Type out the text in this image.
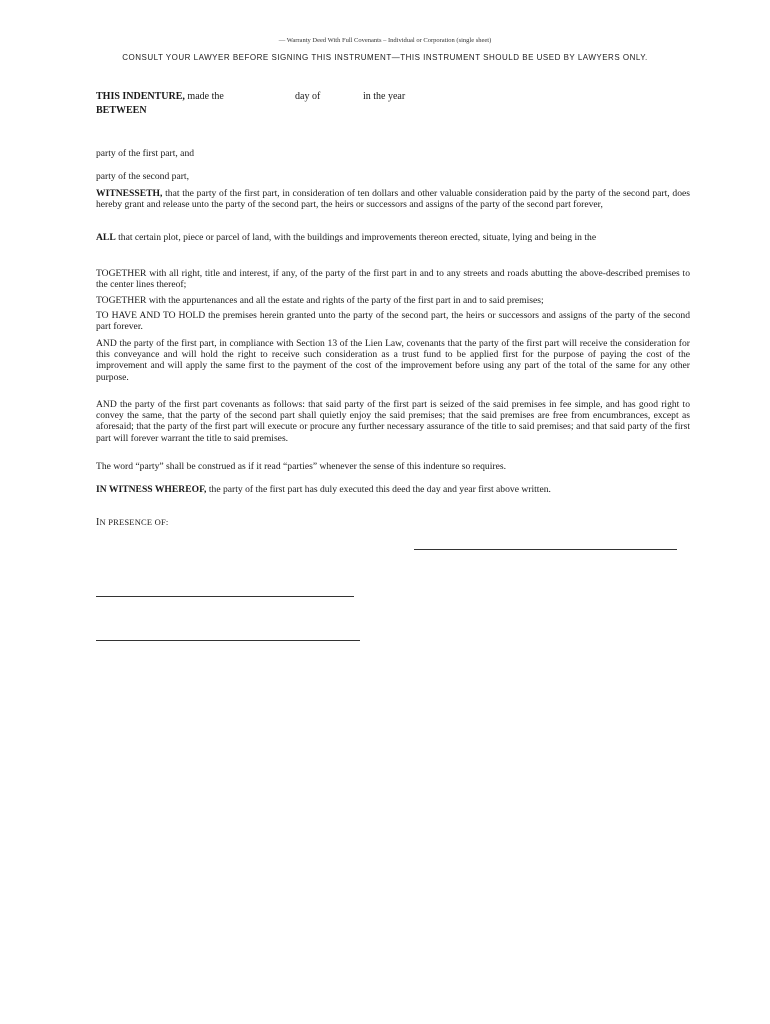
— Warranty Deed With Full Covenants – Individual or Corporation (single sheet)
CONSULT YOUR LAWYER BEFORE SIGNING THIS INSTRUMENT—THIS INSTRUMENT SHOULD BE USED BY LAWYERS ONLY.
THIS INDENTURE, made the	day of	in the year
BETWEEN
party of the first part, and
party of the second part,
WITNESSETH, that the party of the first part, in consideration of ten dollars and other valuable consideration paid by the party of the second part, does hereby grant and release unto the party of the second part, the heirs or successors and assigns of the party of the second part forever,
ALL that certain plot, piece or parcel of land, with the buildings and improvements thereon erected, situate, lying and being in the
TOGETHER with all right, title and interest, if any, of the party of the first part in and to any streets and roads abutting the above-described premises to the center lines thereof;
TOGETHER with the appurtenances and all the estate and rights of the party of the first part in and to said premises;
TO HAVE AND TO HOLD the premises herein granted unto the party of the second part, the heirs or successors and assigns of the party of the second part forever.
AND the party of the first part, in compliance with Section 13 of the Lien Law, covenants that the party of the first part will receive the consideration for this conveyance and will hold the right to receive such consideration as a trust fund to be applied first for the purpose of paying the cost of the improvement and will apply the same first to the payment of the cost of the improvement before using any part of the total of the same for any other purpose.
AND the party of the first part covenants as follows: that said party of the first part is seized of the said premises in fee simple, and has good right to convey the same, that the party of the second part shall quietly enjoy the said premises; that the said premises are free from encumbrances, except as aforesaid; that the party of the first part will execute or procure any further necessary assurance of the title to said premises; and that said party of the first part will forever warrant the title to said premises.
The word “party” shall be construed as if it read “parties” whenever the sense of this indenture so requires.
IN WITNESS WHEREOF, the party of the first part has duly executed this deed the day and year first above written.
IN PRESENCE OF:
